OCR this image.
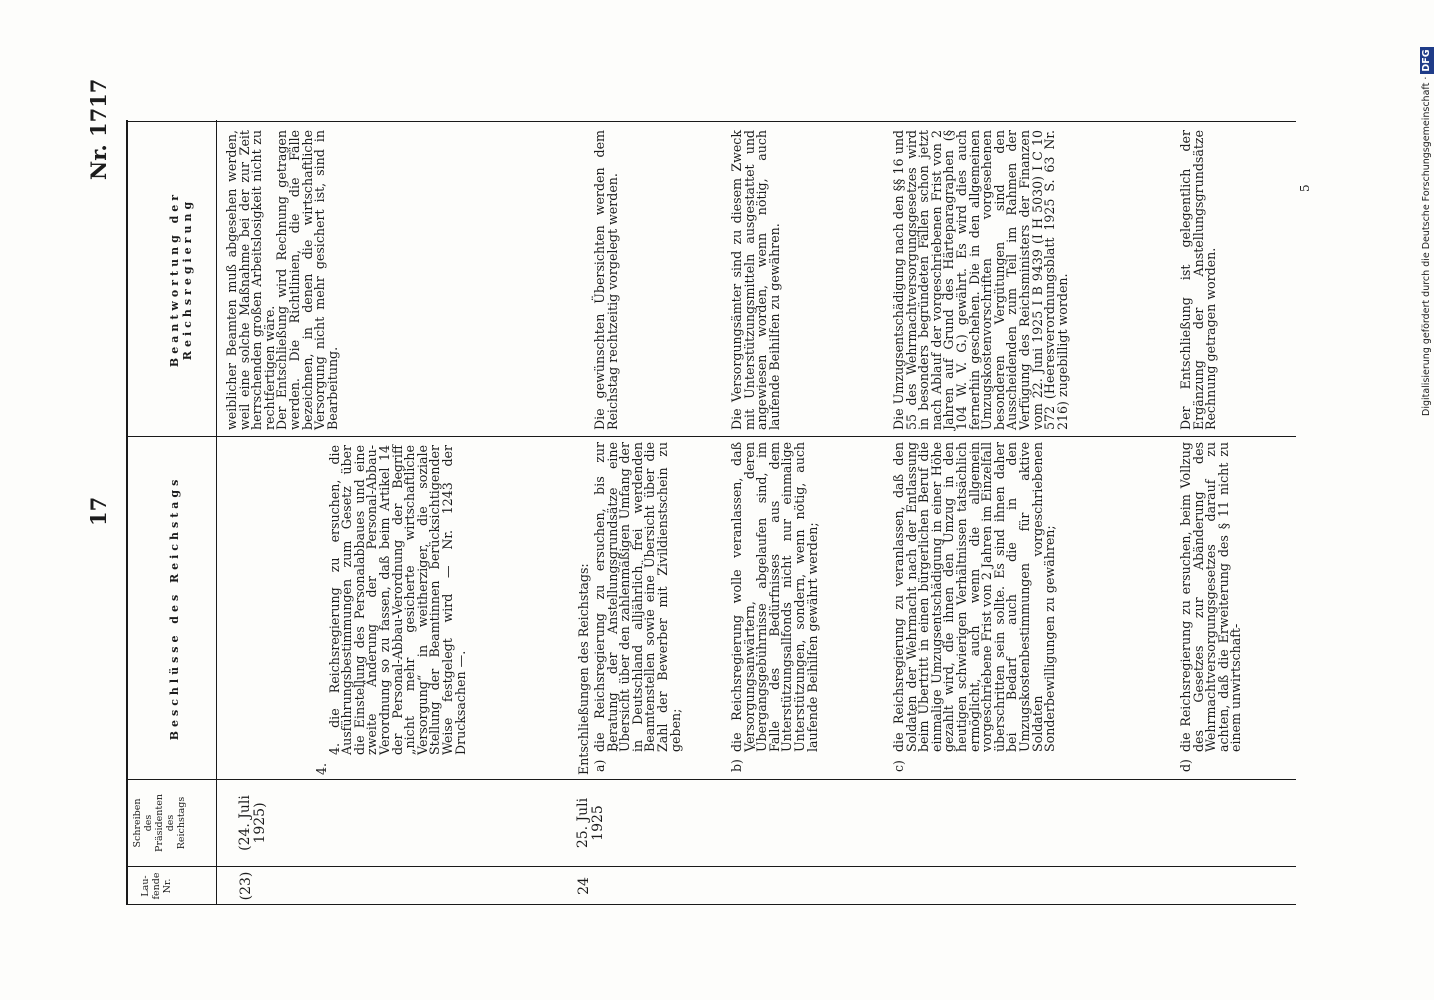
17
Nr. 1717
5
Lau-
fende
Nr.
Schreiben
des
Präsidenten
des
Reichstags
Beschlüsse des Reichstags
Beantwortung der Reichsregierung
(23)
(24. Juli
1925)

4.
4. die Reichsregierung zu ersuchen, die Ausführungsbestimmungen zum Gesetz über die Einstellung des Personalabbaues und eine zweite Änderung der Personal-Abbau-Verordnung so zu fassen, daß beim Artikel 14 der Personal-Abbau-Verordnung der Begriff „nicht mehr gesicherte wirtschaftliche Versorgung“ in weitherziger, die soziale Stellung der Beamtinnen berücksichtigender Weise festgelegt wird — Nr. 1243 der Drucksachen —.

weiblicher Beamten muß abgesehen werden, weil eine solche Maßnahme bei der zur Zeit herrschenden großen Arbeitslosigkeit nicht zu rechtfertigen wäre.
Der Entschließung wird Rechnung getragen werden. Die Richtlinien, die die Fälle bezeichnen, in denen die wirtschaftliche Versorgung nicht mehr gesichert ist, sind in Bearbeitung.
24
25. Juli
1925
Entschließungen des Reichstags: a)
die Reichsregierung zu ersuchen, bis zur Beratung der Anstellungsgrundsätze eine Übersicht über den zahlenmäßigen Umfang der in Deutschland alljährlich frei werdenden Beamtenstellen sowie eine Übersicht über die Zahl der Bewerber mit Zivildienstschein zu geben;
Die gewünschten Übersichten werden dem Reichstag rechtzeitig vorgelegt werden.
b)
die Reichsregierung wolle veranlassen, daß Versorgungsanwärtern, deren Übergangsgebührnisse abgelaufen sind, im Falle des Bedürfnisses aus dem Unterstützungsallfonds nicht nur einmalige Unterstützungen, sondern, wenn nötig, auch laufende Beihilfen gewährt werden;
Die Versorgungsämter sind zu diesem Zweck mit Unterstützungsmitteln ausgestattet und angewiesen worden, wenn nötig, auch laufende Beihilfen zu gewähren.
c)
die Reichsregierung zu veranlassen, daß den Soldaten der Wehrmacht nach der Entlassung beim Übertritt in einen bürgerlichen Beruf die einmalige Umzugsentschädigung in einer Höhe gezahlt wird, die ihnen den Umzug in den heutigen schwierigen Verhältnissen tatsächlich ermöglicht, auch wenn die allgemein vorgeschriebene Frist von 2 Jahren im Einzelfall überschritten sein sollte. Es sind ihnen daher bei Bedarf auch die in den Umzugskostenbestimmungen für aktive Soldaten vorgeschriebenen Sonderbewilligungen zu gewähren;
Die Umzugsentschädigung nach den §§ 16 und 55 des Wehrmachtversorgungsgesetzes wird in besonders begründeten Fällen schon jetzt nach Ablauf der vorgeschriebenen Frist von 2 Jahren auf Grund des Härteparagraphen (§ 104 W. V. G.) gewährt. Es wird dies auch fernerhin geschehen. Die in den allgemeinen Umzugskostenvorschriften vorgesehenen besonderen Vergütungen sind den Ausscheidenden zum Teil im Rahmen der Verfügung des Reichsministers der Finanzen vom 22. Juni 1925 I B 9439 (I H 5030) I C 10 572 (Heeresverordnungsblatt 1925 S. 63 Nr. 216) zugebilligt worden.
d)
die Reichsregierung zu ersuchen, beim Vollzug des Gesetzes zur Abänderung des Wehrmachtversorgungsgesetzes darauf zu achten, daß die Erweiterung des § 11 nicht zu einem unwirtschaft-
Der Entschließung ist gelegentlich der Ergänzung der Anstellungsgrundsätze Rechnung getragen worden.	Digitalisierung gefördert durch die Deutsche Forschungsgemeinschaft ·DFG
